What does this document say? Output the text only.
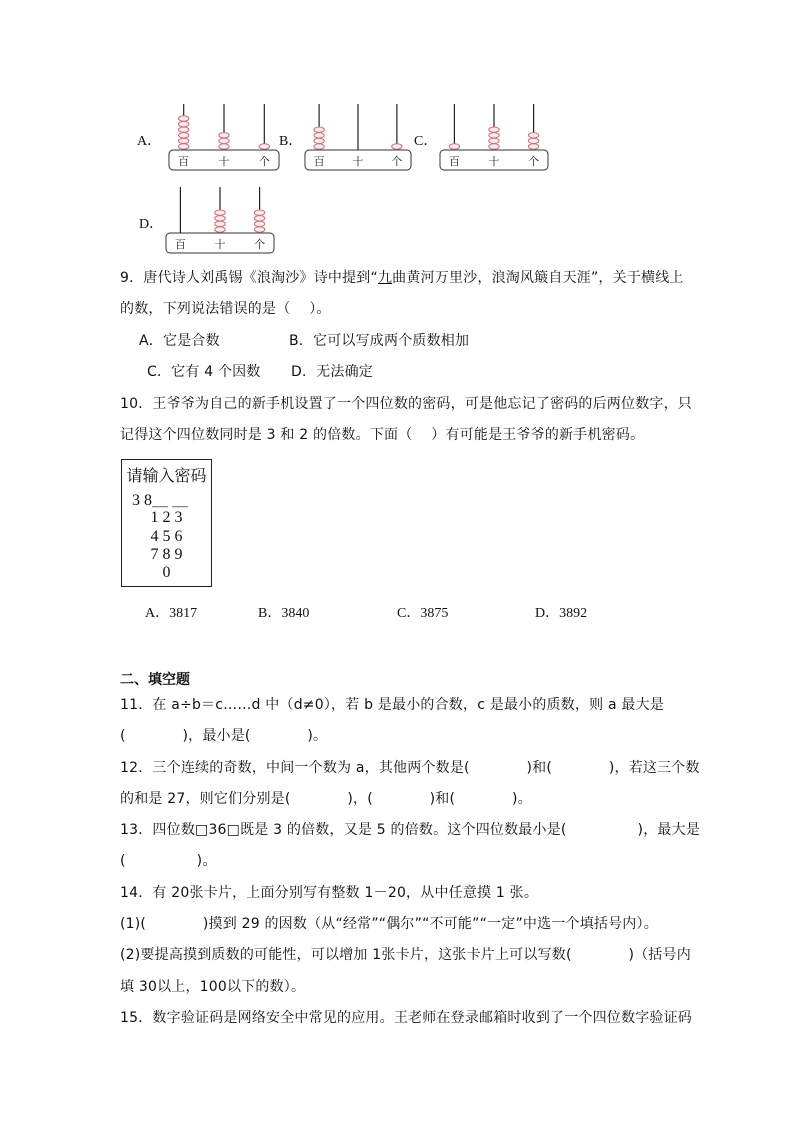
A．	B．	C．
D．
百	十	个	百	十	个	百	十	个
百	十	个
9．唐代诗人刘禹锡《浪淘沙》诗中提到“九曲黄河万里沙，浪淘风簸自天涯”，关于横线上
的数，下列说法错误的是（　 ）。
A．它是合数	B．它可以写成两个质数相加
C．它有 4 个因数 D．无法确定
10．王爷爷为自己的新手机设置了一个四位数的密码，可是他忘记了密码的后两位数字，只
记得这个四位数同时是 3 和 2 的倍数。下面（　 ）有可能是王爷爷的新手机密码。
请输入密码
3 8＿ ＿
1 2 3
4 5 6
7 8 9
0
A．3817	B．3840	C．3875	D．3892
二、填空题
11．在 a÷b＝c……d 中（d≠0），若 b 是最小的合数，c 是最小的质数，则 a 最大是
(　　　　)，最小是(　　　　)。
12．三个连续的奇数，中间一个数为 a，其他两个数是(　　　　)和(　　　　)，若这三个数
的和是 27，则它们分别是(　　　　)，(　　　　)和(　　　　)。
13．四位数□36□既是 3 的倍数，又是 5 的倍数。这个四位数最小是(　　　　　)，最大是
(　　　　　)。
14．有 20张卡片，上面分别写有整数 1－20，从中任意摸 1 张。
(1)(　　　　)摸到 29 的因数（从“经常”“偶尔”“不可能”“一定”中选一个填括号内）。
(2)要提高摸到质数的可能性，可以增加 1张卡片，这张卡片上可以写数(　　　　)（括号内
填 30以上，100以下的数）。
15．数字验证码是网络安全中常见的应用。王老师在登录邮箱时收到了一个四位数字验证码
